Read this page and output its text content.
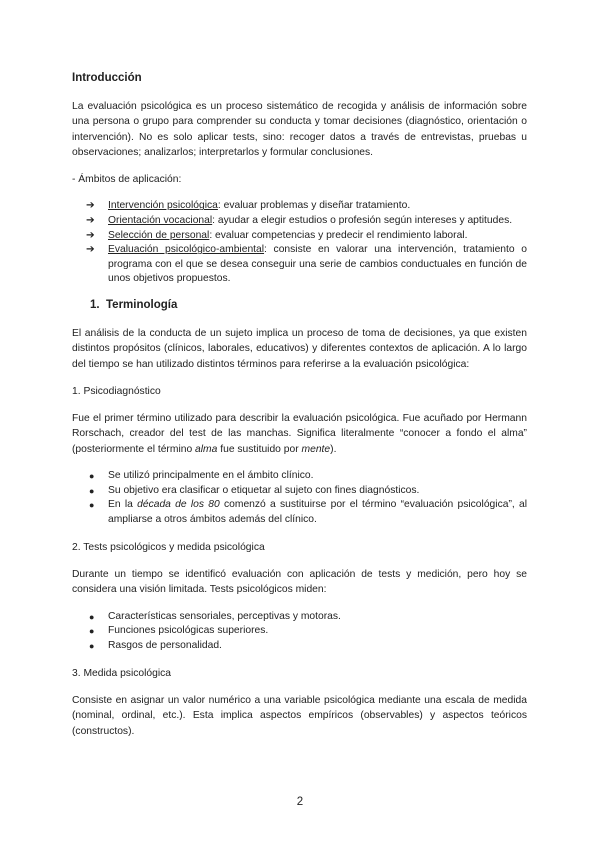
Introducción

La evaluación psicológica es un proceso sistemático de recogida y análisis de información sobre una persona o grupo para comprender su conducta y tomar decisiones (diagnóstico, orientación o intervención). No es solo aplicar tests, sino: recoger datos a través de entrevistas, pruebas u observaciones; analizarlos; interpretarlos y formular conclusiones.

- Ámbitos de aplicación:

➔ Intervención psicológica: evaluar problemas y diseñar tratamiento.
➔ Orientación vocacional: ayudar a elegir estudios o profesión según intereses y aptitudes.
➔ Selección de personal: evaluar competencias y predecir el rendimiento laboral.
➔ Evaluación psicológico-ambiental: consiste en valorar una intervención, tratamiento o programa con el que se desea conseguir una serie de cambios conductuales en función de unos objetivos propuestos.
1. Terminología

El análisis de la conducta de un sujeto implica un proceso de toma de decisiones, ya que existen distintos propósitos (clínicos, laborales, educativos) y diferentes contextos de aplicación. A lo largo del tiempo se han utilizado distintos términos para referirse a la evaluación psicológica:

1. Psicodiagnóstico

Fue el primer término utilizado para describir la evaluación psicológica. Fue acuñado por Hermann Rorschach, creador del test de las manchas. Significa literalmente “conocer a fondo el alma” (posteriormente el término alma fue sustituido por mente).

● Se utilizó principalmente en el ámbito clínico.
● Su objetivo era clasificar o etiquetar al sujeto con fines diagnósticos.
● En la década de los 80 comenzó a sustituirse por el término “evaluación psicológica”, al ampliarse a otros ámbitos además del clínico.
2. Tests psicológicos y medida psicológica

Durante un tiempo se identificó evaluación con aplicación de tests y medición, pero hoy se considera una visión limitada. Tests psicológicos miden:

● Características sensoriales, perceptivas y motoras.
● Funciones psicológicas superiores.
● Rasgos de personalidad.
3. Medida psicológica

Consiste en asignar un valor numérico a una variable psicológica mediante una escala de medida (nominal, ordinal, etc.). Esta implica aspectos empíricos (observables) y aspectos teóricos (constructos).

2
